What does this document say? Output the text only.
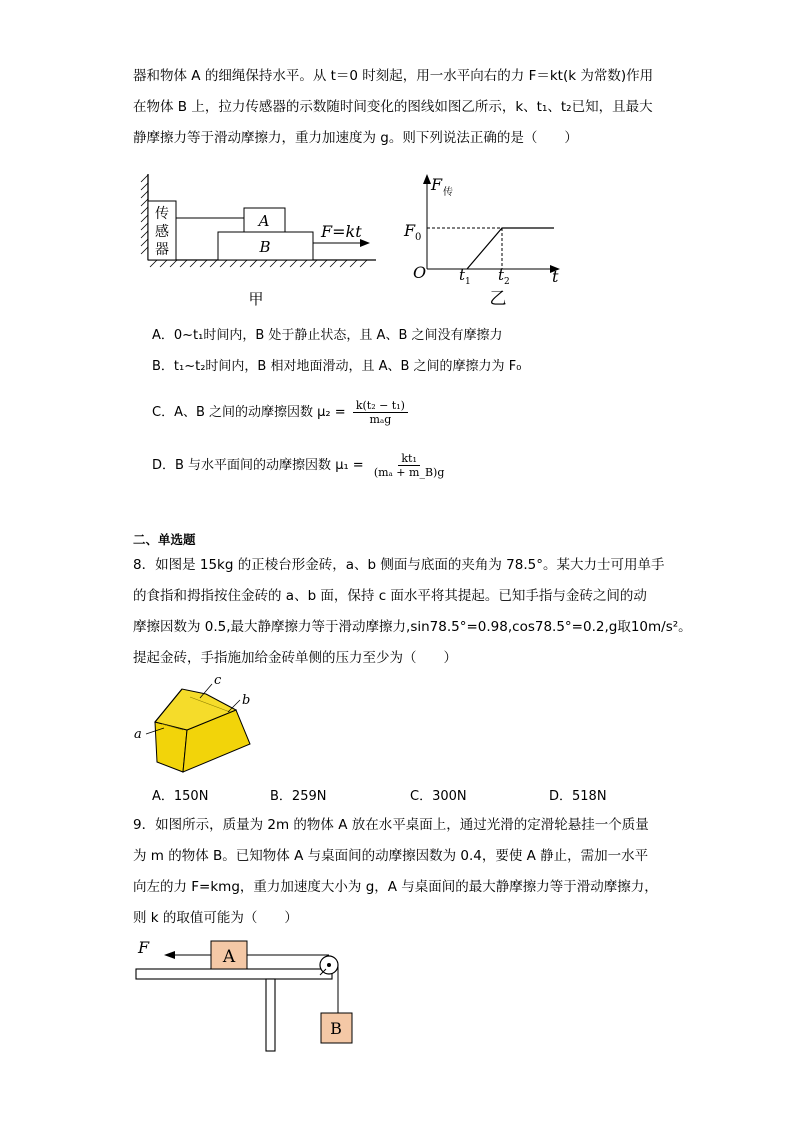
器和物体 A 的细绳保持水平。从 t＝0 时刻起，用一水平向右的力 F＝kt(k 为常数)作用
在物体 B 上，拉力传感器的示数随时间变化的图线如图乙所示，k、t₁、t₂已知，且最大
静摩擦力等于滑动摩擦力，重力加速度为 g。则下列说法正确的是（　　）
传
感
器
A
B
F=kt
甲
F 传
F 0
O t 1 t 2	t
乙
A．0~t₁时间内，B 处于静止状态，且 A、B 之间没有摩擦力
B．t₁~t₂时间内，B 相对地面滑动，且 A、B 之间的摩擦力为 F₀
C．A、B 之间的动摩擦因数 $\mu_2 = \frac{\text{k(t₂ − t₁)}}{\text{mₐg}}$
D．B 与水平面间的动摩擦因数 $\mu_1 = \frac{\text{kt₁}}{\text{(mₐ + m\_B)g}}$
二、单选题
8．如图是 15kg 的正棱台形金砖，a、b 侧面与底面的夹角为 78.5°。某大力士可用单手
的食指和拇指按住金砖的 a、b 面，保持 c 面水平将其提起。已知手指与金砖之间的动
摩擦因数为 0.5,最大静摩擦力等于滑动摩擦力,sin78.5°=0.98,cos78.5°=0.2,g取10m/s²。
提起金砖，手指施加给金砖单侧的压力至少为（　　）
a
c
b
A．150N	B．259N	C．300N	D．518N
9．如图所示，质量为 2m 的物体 A 放在水平桌面上，通过光滑的定滑轮悬挂一个质量
为 m 的物体 B。已知物体 A 与桌面间的动摩擦因数为 0.4，要使 A 静止，需加一水平
向左的力 F=kmg，重力加速度大小为 g，A 与桌面间的最大静摩擦力等于滑动摩擦力，
则 k 的取值可能为（　　）
A
F
B
